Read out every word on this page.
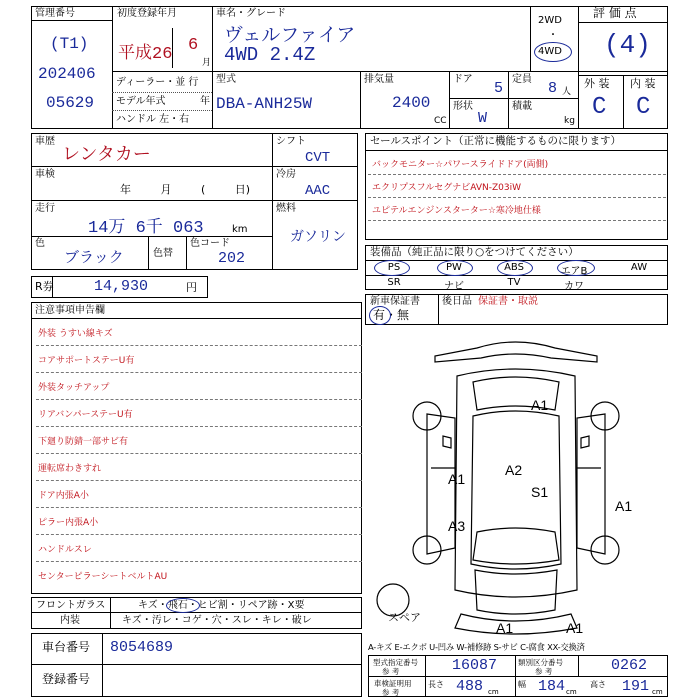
管理番号
(T1)
202406
05629
初度登録年月
平成26 6
月
車名・グレード
ヴェルファイア
4WD 2.4Z
2WD
・
4WD
評 価 点
(4)
外 装 内 装
C C
ディーラー・並 行
モデル年式	年
ハンドル 左・右
型式
DBA-ANH25W
排気量
2400
CC
ドア
5
形状
W
定員
8 人
積載
kg
車歴
レンタカー
車検
年 月 ( 日)
走行
14万 6千 063	km
色
ブラック	色替
色コード
202
シフト
CVT
冷房
AAC
燃料
ガソリン
R券	14,930	円
セールスポイント（正常に機能するものに限ります）
バックモニター☆パワースライドドア(両側)
エクリプスフルセグナビAVN-Z03iW
ユピテルエンジンスターター☆寒冷地仕様
装備品（純正品に限り○をつけてください）
PS	PW	ABS	エアB	AW
SR	ナビ	TV	カワ
新車保証書
有・無
後日品 保証書・取説
注意事項申告欄
外装 うすい線キズ
コアサポートステーU有
外装タッチアップ
リアバンパーステーU有
下廻り防錆一部サビ有
運転席わきすれ
ドア内張A小
ピラー内張A小
ハンドルスレ
センターピラーシートベルトAU
フロントガラス	キズ・飛石・ヒビ割・リペア跡・X要
内装	キズ・汚レ・コゲ・穴・スレ・キレ・破レ
車台番号 8054689
登録番号
スペア
A1
A2
S1
A1
A1
A3
A1	A1
A-キズ E-エクボ U-凹み W-補修跡 S-サビ C-腐食 XX-交換済
型式指定番号
参 考	16087	類別区分番号
参 考	0262
車検証明用
参 考
長さ 488 cm
幅 184 cm
高さ 191 cm
